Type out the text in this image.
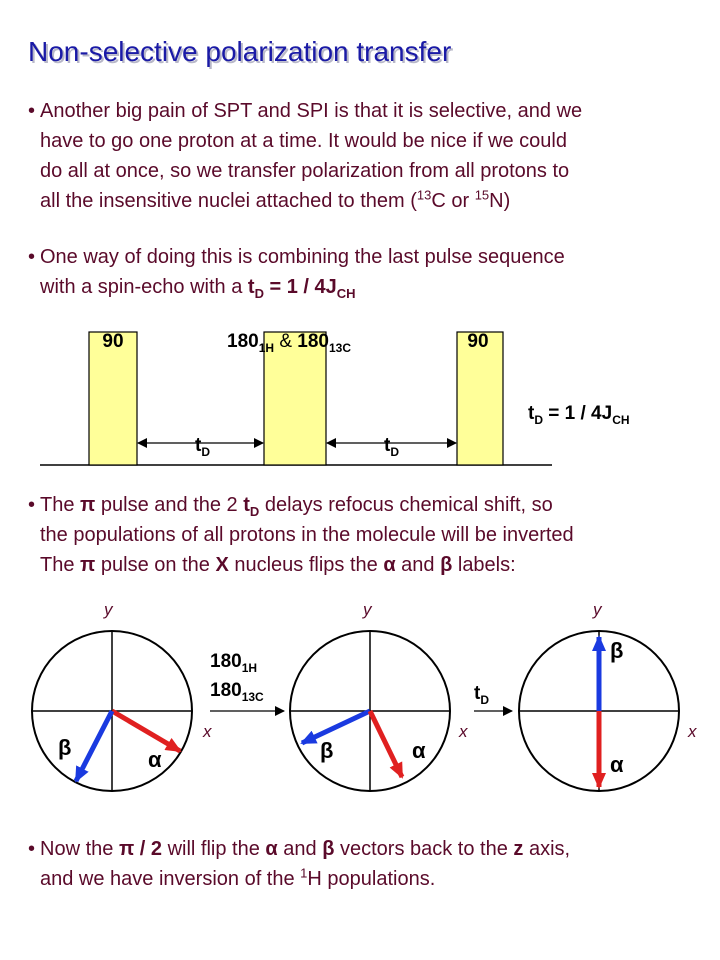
Non-selective polarization transfer
• Another big pain of SPT and SPI is that it is selective, and we
have to go one proton at a time. It would be nice if we could
do all at once, so we transfer polarization from all protons to
all the insensitive nuclei attached to them ($^{13}$C or $^{15}$N)
• One way of doing this is combining the last pulse sequence
with a spin-echo with a $t_D = 1 / 4J_{CH}$
90	$180_{1H}$ & $180_{13C}$	90
$t_D$	$t_D$
$t_D = 1 / 4J_{CH}$
• The π pulse and the 2 $t_D$ delays refocus chemical shift, so
the populations of all protons in the molecule will be inverted
The π pulse on the X nucleus flips the α and β labels:
y
x
β	α
$180_{1H}$
$180_{13C}$
y
x
β	α
$t_D$
y
x
β
α
• Now the π / 2 will flip the α and β vectors back to the z axis,
and we have inversion of the $^1$H populations.
